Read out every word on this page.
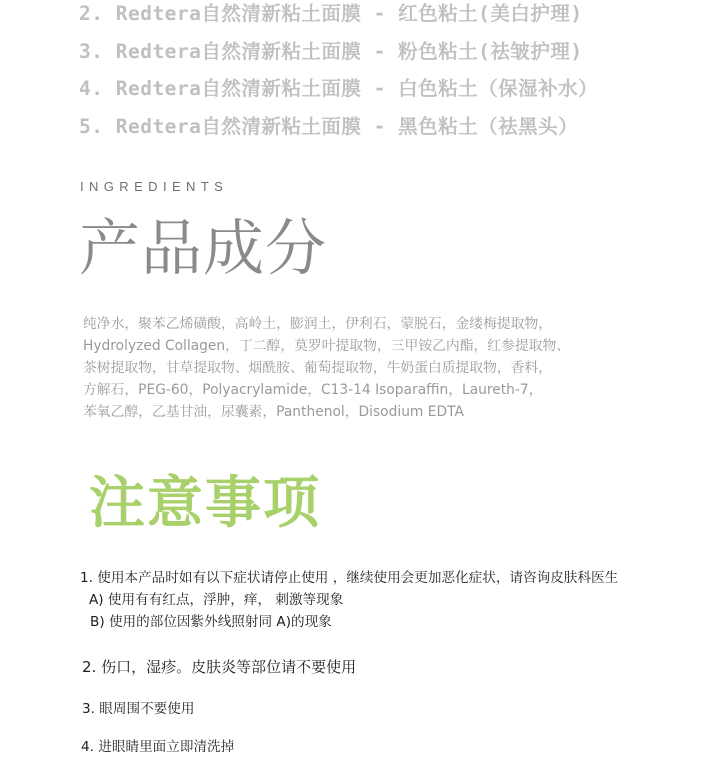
2. Redtera自然清新粘土面膜 - 红色粘土(美白护理)
3. Redtera自然清新粘土面膜 - 粉色粘土(祛皱护理)
4. Redtera自然清新粘土面膜 - 白色粘土（保湿补水）
5. Redtera自然清新粘土面膜 - 黑色粘土（祛黑头）
INGREDIENTS
产品成分
纯净水，聚苯乙烯磺酸，高岭土，膨润土，伊利石，蒙脱石，金缕梅提取物，
Hydrolyzed Collagen，丁二醇，莫罗叶提取物，三甲铵乙内酯，红参提取物、
茶树提取物，甘草提取物、烟酰胺、葡萄提取物，牛奶蛋白质提取物，香料，
方解石，PEG-60，Polyacrylamide，C13-14 Isoparaffin，Laureth-7，
苯氧乙醇，乙基甘油，尿囊素，Panthenol，Disodium EDTA
注意事项
1. 使用本产品时如有以下症状请停止使用 ，继续使用会更加恶化症状，请咨询皮肤科医生
A) 使用有有红点，浮肿，痒， 刺激等现象
B) 使用的部位因紫外线照射同 A)的现象
2. 伤口，湿疹。皮肤炎等部位请不要使用
3. 眼周围不要使用
4. 进眼睛里面立即清洗掉
